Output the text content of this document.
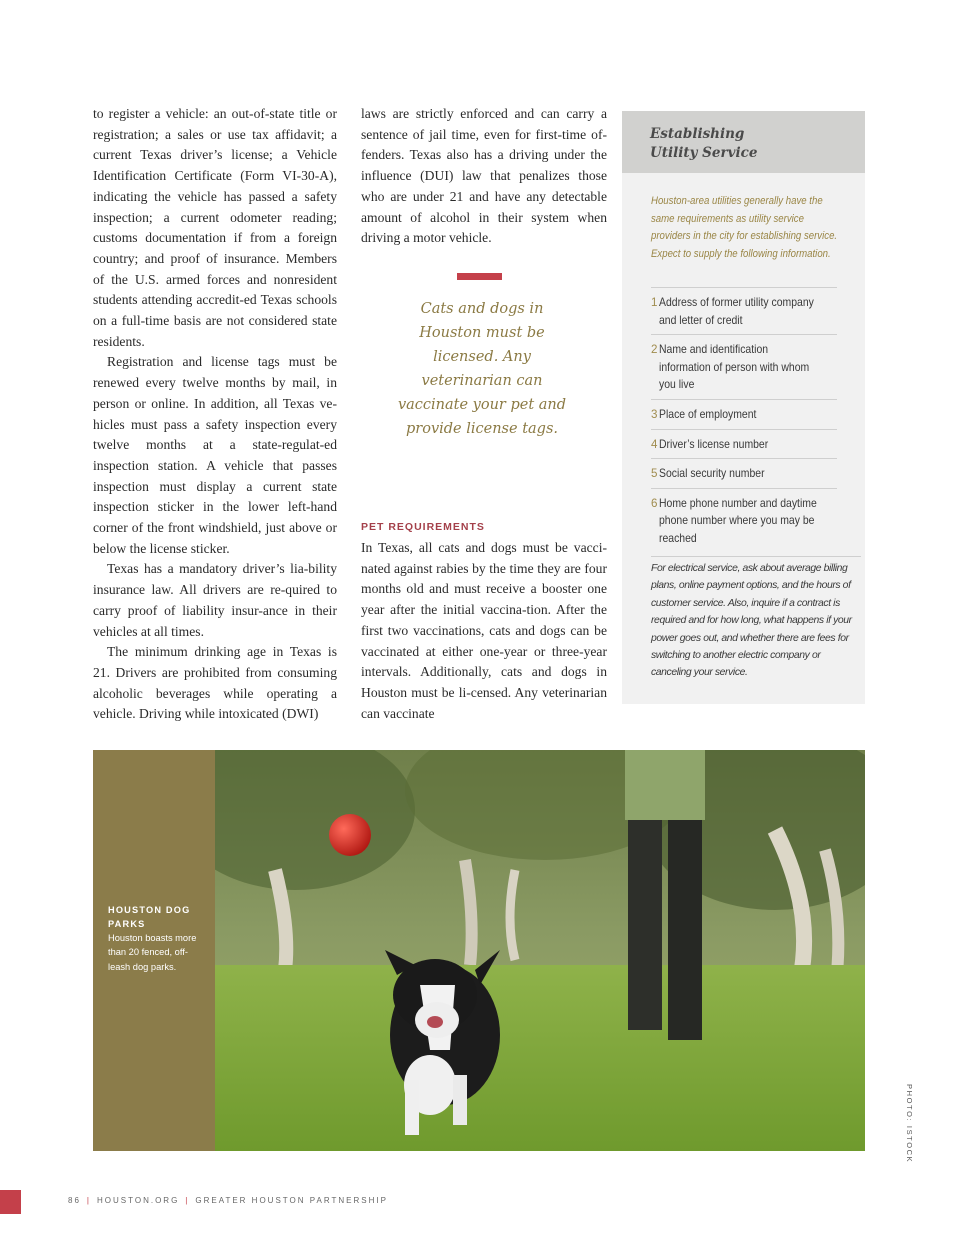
to register a vehicle: an out-of-state title or registration; a sales or use tax affidavit; a current Texas driver’s license; a Vehicle Identification Certificate (Form VI-30-A), indicating the vehicle has passed a safety inspection; a current odometer reading; customs documentation if from a foreign country; and proof of insurance. Members of the U.S. armed forces and nonresident students attending accredit-ed Texas schools on a full-time basis are not considered state residents.

Registration and license tags must be renewed every twelve months by mail, in person or online. In addition, all Texas ve-hicles must pass a safety inspection every twelve months at a state-regulat-ed inspection station. A vehicle that passes inspection must display a current state inspection sticker in the lower left-hand corner of the front windshield, just above or below the license sticker.

Texas has a mandatory driver’s lia-bility insurance law. All drivers are re-quired to carry proof of liability insur-ance in their vehicles at all times.

The minimum drinking age in Texas is 21. Drivers are prohibited from consuming alcoholic beverages while operating a vehicle. Driving while intoxicated (DWI)

laws are strictly enforced and can carry a sentence of jail time, even for first-time of-fenders. Texas also has a driving under the influence (DUI) law that penalizes those who are under 21 and have any detectable amount of alcohol in their system when driving a motor vehicle.

Cats and dogs in Houston must be licensed. Any veterinarian can vaccinate your pet and provide license tags.
PET REQUIREMENTS

In Texas, all cats and dogs must be vacci-nated against rabies by the time they are four months old and must receive a booster one year after the initial vaccina-tion. After the first two vaccinations, cats and dogs can be vaccinated at either one-year or three-year intervals. Additionally, cats and dogs in Houston must be li-censed. Any veterinarian can vaccinate

Establishing
Utility Service
Houston-area utilities generally have the same requirements as utility service providers in the city for establishing service. Expect to supply the following information.
1 Address of former utility company and letter of credit
2 Name and identification information of person with whom you live
3 Place of employment
4 Driver’s license number
5 Social security number
6 Home phone number and daytime phone number where you may be reached
For electrical service, ask about average billing plans, online payment options, and the hours of customer service. Also, inquire if a contract is required and for how long, what happens if your power goes out, and whether there are fees for switching to another electric company or canceling your service.
HOUSTON DOG PARKS
Houston boasts more than 20 fenced, off-leash dog parks.
PHOTO: ISTOCK
86 | HOUSTON.ORG | GREATER HOUSTON PARTNERSHIP
